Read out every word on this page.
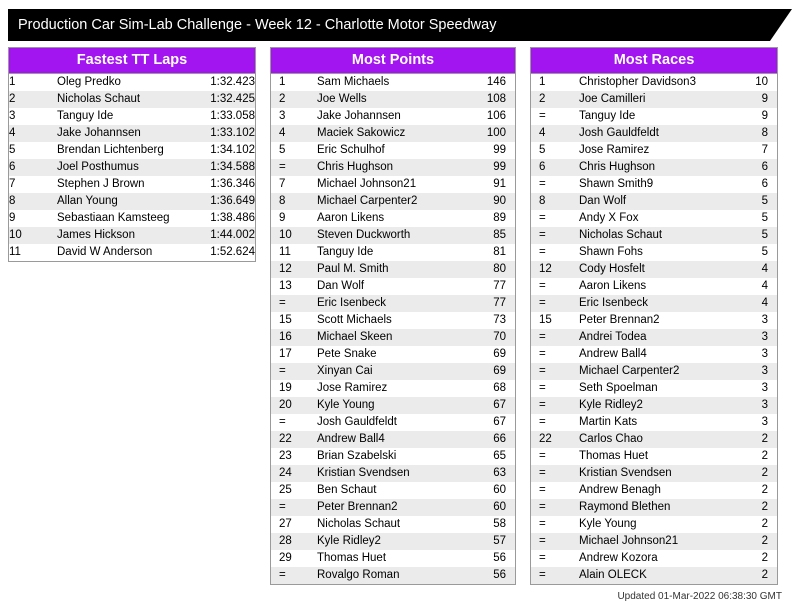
Production Car Sim-Lab Challenge - Week 12 - Charlotte Motor Speedway
Fastest TT Laps
1	Oleg Predko	1:32.423
2	Nicholas Schaut	1:32.425
3	Tanguy Ide	1:33.058
4	Jake Johannsen	1:33.102
5	Brendan Lichtenberg	1:34.102
6	Joel Posthumus	1:34.588
7	Stephen J Brown	1:36.346
8	Allan Young	1:36.649
9	Sebastiaan Kamsteeg	1:38.486
10	James Hickson	1:44.002
11	David W Anderson	1:52.624
Most Points
1	Sam Michaels	146
2	Joe Wells	108
3	Jake Johannsen	106
4	Maciek Sakowicz	100
5	Eric Schulhof	99
=	Chris Hughson	99
7	Michael Johnson21	91
8	Michael Carpenter2	90
9	Aaron Likens	89
10	Steven Duckworth	85
11	Tanguy Ide	81
12	Paul M. Smith	80
13	Dan Wolf	77
=	Eric Isenbeck	77
15	Scott Michaels	73
16	Michael Skeen	70
17	Pete Snake	69
=	Xinyan Cai	69
19	Jose Ramirez	68
20	Kyle Young	67
=	Josh Gauldfeldt	67
22	Andrew Ball4	66
23	Brian Szabelski	65
24	Kristian Svendsen	63
25	Ben Schaut	60
=	Peter Brennan2	60
27	Nicholas Schaut	58
28	Kyle Ridley2	57
29	Thomas Huet	56
=	Rovalgo Roman	56
Most Races
1	Christopher Davidson3	10
2	Joe Camilleri	9
=	Tanguy Ide	9
4	Josh Gauldfeldt	8
5	Jose Ramirez	7
6	Chris Hughson	6
=	Shawn Smith9	6
8	Dan Wolf	5
=	Andy X Fox	5
=	Nicholas Schaut	5
=	Shawn Fohs	5
12	Cody Hosfelt	4
=	Aaron Likens	4
=	Eric Isenbeck	4
15	Peter Brennan2	3
=	Andrei Todea	3
=	Andrew Ball4	3
=	Michael Carpenter2	3
=	Seth Spoelman	3
=	Kyle Ridley2	3
=	Martin Kats	3
22	Carlos Chao	2
=	Thomas Huet	2
=	Kristian Svendsen	2
=	Andrew Benagh	2
=	Raymond Blethen	2
=	Kyle Young	2
=	Michael Johnson21	2
=	Andrew Kozora	2
=	Alain OLECK	2
Updated 01-Mar-2022 06:38:30 GMT
